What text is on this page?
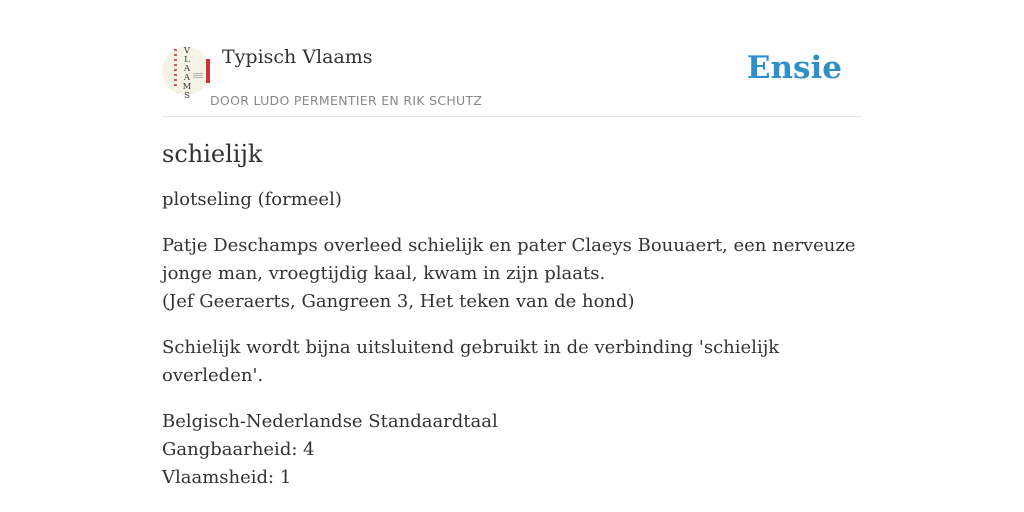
V
L
A
A
M
S
Typisch Vlaams
DOOR LUDO PERMENTIER EN RIK SCHUTZ
Ensie
schielijk

plotseling (formeel)

Patje Deschamps overleed schielijk en pater Claeys Bouuaert, een nerveuze jonge man, vroegtijdig kaal, kwam in zijn plaats.
(Jef Geeraerts, Gangreen 3, Het teken van de hond)

Schielijk wordt bijna uitsluitend gebruikt in de verbinding 'schielijk overleden'.

Belgisch-Nederlandse Standaardtaal
Gangbaarheid: 4
Vlaamsheid: 1
